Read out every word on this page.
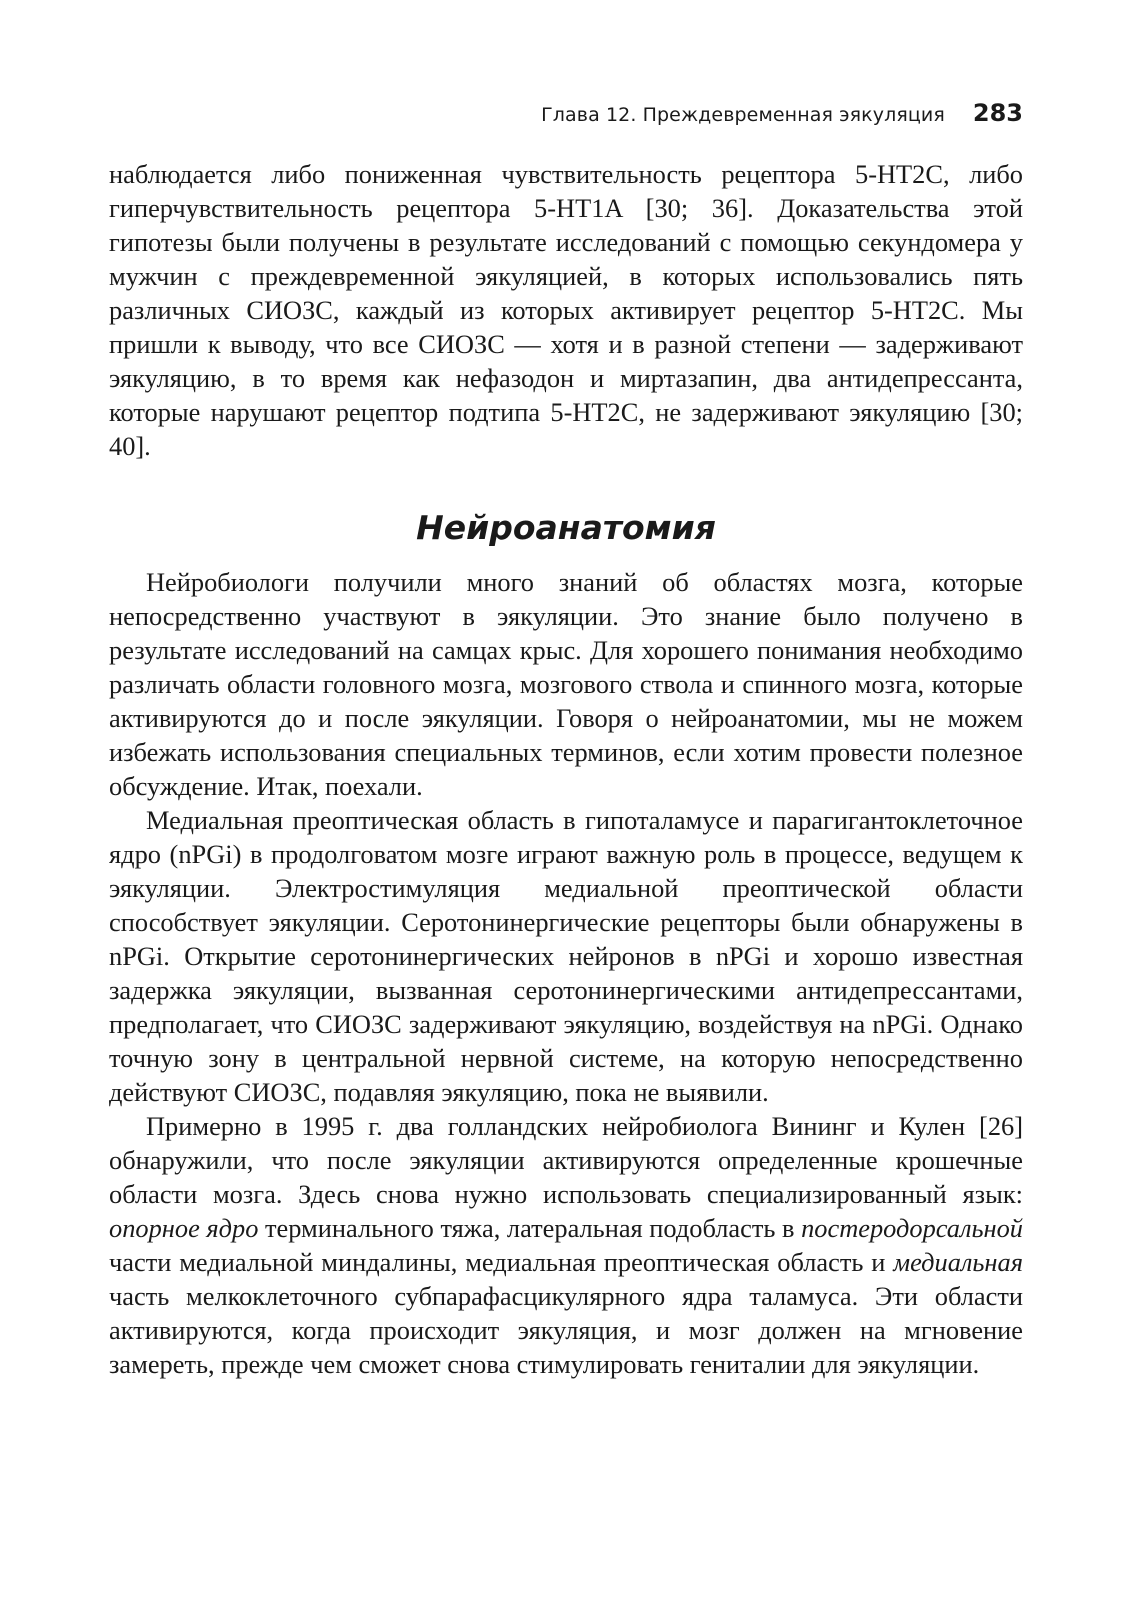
Глава 12. Преждевременная эякуляция 283

наблюдается либо пониженная чувствительность рецептора 5-HT2C, либо гиперчувствительность рецептора 5-HT1A [30; 36]. Доказательства этой гипотезы были получены в результате исследований с помощью секундомера у мужчин с преждевременной эякуляцией, в которых использовались пять различных СИОЗС, каждый из которых активирует рецептор 5-HT2C. Мы пришли к выводу, что все СИОЗС — хотя и в разной степени — задерживают эякуляцию, в то время как нефазодон и миртазапин, два антидепрессанта, которые нарушают рецептор подтипа 5-HT2C, не задерживают эякуляцию [30; 40].

Нейроанатомия

Нейробиологи получили много знаний об областях мозга, которые непосредственно участвуют в эякуляции. Это знание было получено в результате исследований на самцах крыс. Для хорошего понимания необходимо различать области головного мозга, мозгового ствола и спинного мозга, которые активируются до и после эякуляции. Говоря о нейроанатомии, мы не можем избежать использования специальных терминов, если хотим провести полезное обсуждение. Итак, поехали.

Медиальная преоптическая область в гипоталамусе и парагигантоклеточное ядро (nPGi) в продолговатом мозге играют важную роль в процессе, ведущем к эякуляции. Электростимуляция медиальной преоптической области способствует эякуляции. Серотонинергические рецепторы были обнаружены в nPGi. Открытие серотонинергических нейронов в nPGi и хорошо известная задержка эякуляции, вызванная серотонинергическими антидепрессантами, предполагает, что СИОЗС задерживают эякуляцию, воздействуя на nPGi. Однако точную зону в центральной нервной системе, на которую непосредственно действуют СИОЗС, подавляя эякуляцию, пока не выявили.

Примерно в 1995 г. два голландских нейробиолога Вининг и Кулен [26] обнаружили, что после эякуляции активируются определенные крошечные области мозга. Здесь снова нужно использовать специализированный язык: опорное ядро терминального тяжа, латеральная подобласть в постеродорсальной части медиальной миндалины, медиальная преоптическая область и медиальная часть мелкоклеточного субпарафасцикулярного ядра таламуса. Эти области активируются, когда происходит эякуляция, и мозг должен на мгновение замереть, прежде чем сможет снова стимулировать гениталии для эякуляции.
